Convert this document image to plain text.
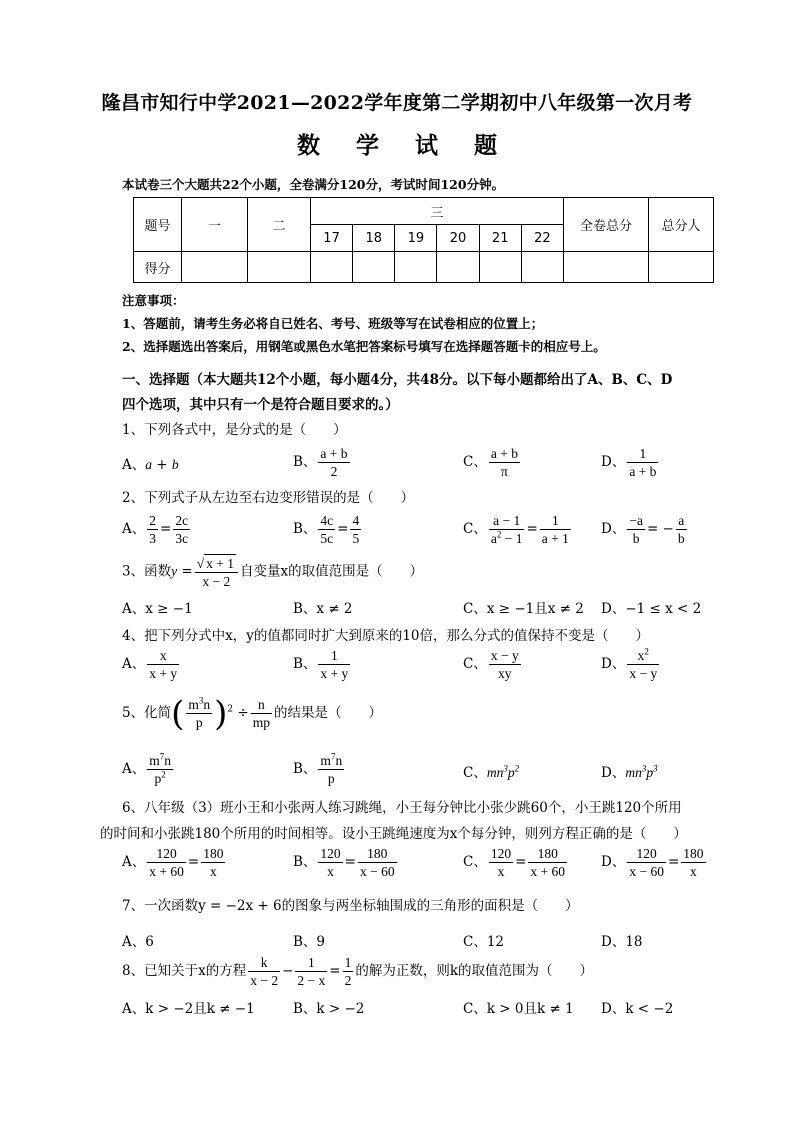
隆昌市知行中学2021—2022学年度第二学期初中八年级第一次月考
数 学 试 题
本试卷三个大题共22个小题，全卷满分120分，考试时间120分钟。
题号	一	二	三						全卷总分	总分人
			17	18	19	20	21	22		
得分										
注意事项：
1、答题前，请考生务必将自已姓名、考号、班级等写在试卷相应的位置上；
2、选择题选出答案后，用钢笔或黑色水笔把答案标号填写在选择题答题卡的相应号上。
一、选择题（本大题共12个小题，每小题4分，共48分。以下每小题都给出了A、B、C、D
四个选项，其中只有一个是符合题目要求的。）
1、下列各式中，是分式的是（　　）
A、a + b	B、 $\frac{a + b}{2}$	C、 $\frac{a + b}{\pi}$	D、 $\frac{1}{a + b}$
2、下列式子从左边至右边变形错误的是（　　）
A、 $\frac{2}{3} = \frac{2c}{3c}$	B、 $\frac{4c}{5c} = \frac{4}{5}$	C、 $\frac{a - 1}{a^2 - 1} = \frac{1}{a + 1}$ D、 $\frac{-a}{b}$ = − $\frac{a}{b}$
3、函数$y = \frac{√ x + 1}{x - 2}$ 自变量x的取值范围是（　　）
A、x ≥ −1	B、x ≠ 2	C、x ≥ −1且x ≠ 2 D、−1 ≤ x < 2
4、把下列分式中x，y的值都同时扩大到原来的10倍，那么分式的值保持不变是（　　）
A、 $\frac{x}{x + y}$	B、 $\frac{1}{x + y}$	C、 $\frac{x - y}{xy}$	D、 $\frac{x^2}{x - y}$
5、化简( $\frac{m^3n}{p} )^2 \div \frac{n}{mp}$ 的结果是（　　）
A、 $\frac{m^7n}{p^2}$	B、 $\frac{m^7n}{p}$	C、$mn^3p^2$	D、$mn^3p^3$
6、八年级（3）班小王和小张两人练习跳绳，小王每分钟比小张少跳60个，小王跳120个所用
的时间和小张跳180个所用的时间相等。设小王跳绳速度为x个每分钟，则列方程正确的是（　　）
A、 $\frac{120}{x + 60} = \frac{180}{x}$	B、 $\frac{120}{x} = \frac{180}{x - 60}$	C、 $\frac{120}{x} = \frac{180}{x + 60}$	D、 $\frac{120}{x - 60} = \frac{180}{x}$
7、一次函数y = −2x + 6的图象与两坐标轴围成的三角形的面积是（　　）
A、6	B、9	C、12	D、18
8、已知关于x的方程 $\frac{k}{x - 2} - \frac{1}{2 - x} = \frac{1}{2}$ 的解为正数，则k的取值范围为（　　）
A、k > −2且k ≠ −1	B、k > −2	C、k > 0且k ≠ 1 D、k < −2
